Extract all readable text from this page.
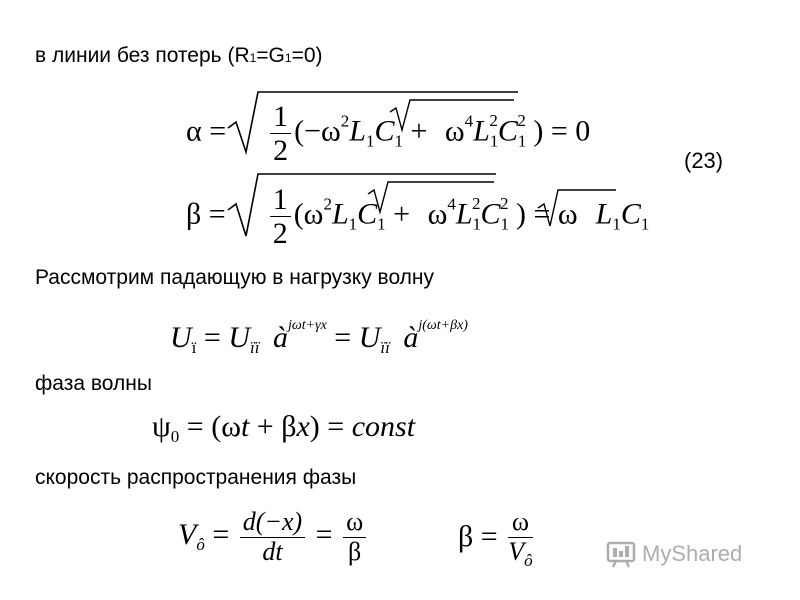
в линии без потерь (R1=G1=0)
$\alpha = \frac{1}{2} (-\omega^2L_1C_1 + \omega^4L_1^2C_1^2$ ) = 0
(23)
$\beta = \frac{1}{2} (\omega^2L_1C_1 + \omega^4L_1^2C_1^2$ ) = ω $L_1C_1$
Рассмотрим падающую в нагрузку волну
$U_ï = U_{ïï}$ $à^{j\omega t+\gamma x} = U_{ïï}$ $à^{j(\omega t+\beta x)}$
фаза волны
$\psi_0 = (\omega t + \beta x)$ = const
скорость распространения фазы
$V_ô = \frac{d(-x)}{dt} = \frac{\omega}{\beta}$	$\beta = \frac{\omega}{V_ô}$	MyShared
